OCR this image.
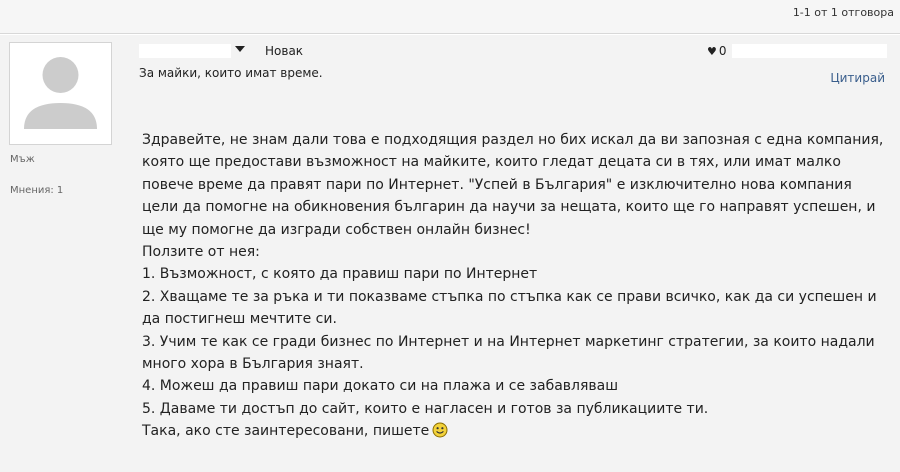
1-1 от 1 отговора
Мъж
Мнения: 1
Новак
За майки, които имат време.
♥ 0
Цитирай

Здравейте, не знам дали това е подходящия раздел но бих искал да ви запозная с една компания, която ще предостави възможност на майките, които гледат децата си в тях, или имат малко повече време да правят пари по Интернет. "Успей в България" е изключително нова компания цели да помогне на обикновения българин да научи за нещата, които ще го направят успешен, и ще му помогне да изгради собствен онлайн бизнес!

Ползите от нея:

1. Възможност, с която да правиш пари по Интернет

2. Хващаме те за ръка и ти показваме стъпка по стъпка как се прави всичко, как да си успешен и да постигнеш мечтите си.

3. Учим те как се гради бизнес по Интернет и на Интернет маркетинг стратегии, за които надали много хора в България знаят.

4. Можеш да правиш пари докато си на плажа и се забавляваш

5. Даваме ти достъп до сайт, които е нагласен и готов за публикациите ти.

Така, ако сте заинтересовани, пишете
